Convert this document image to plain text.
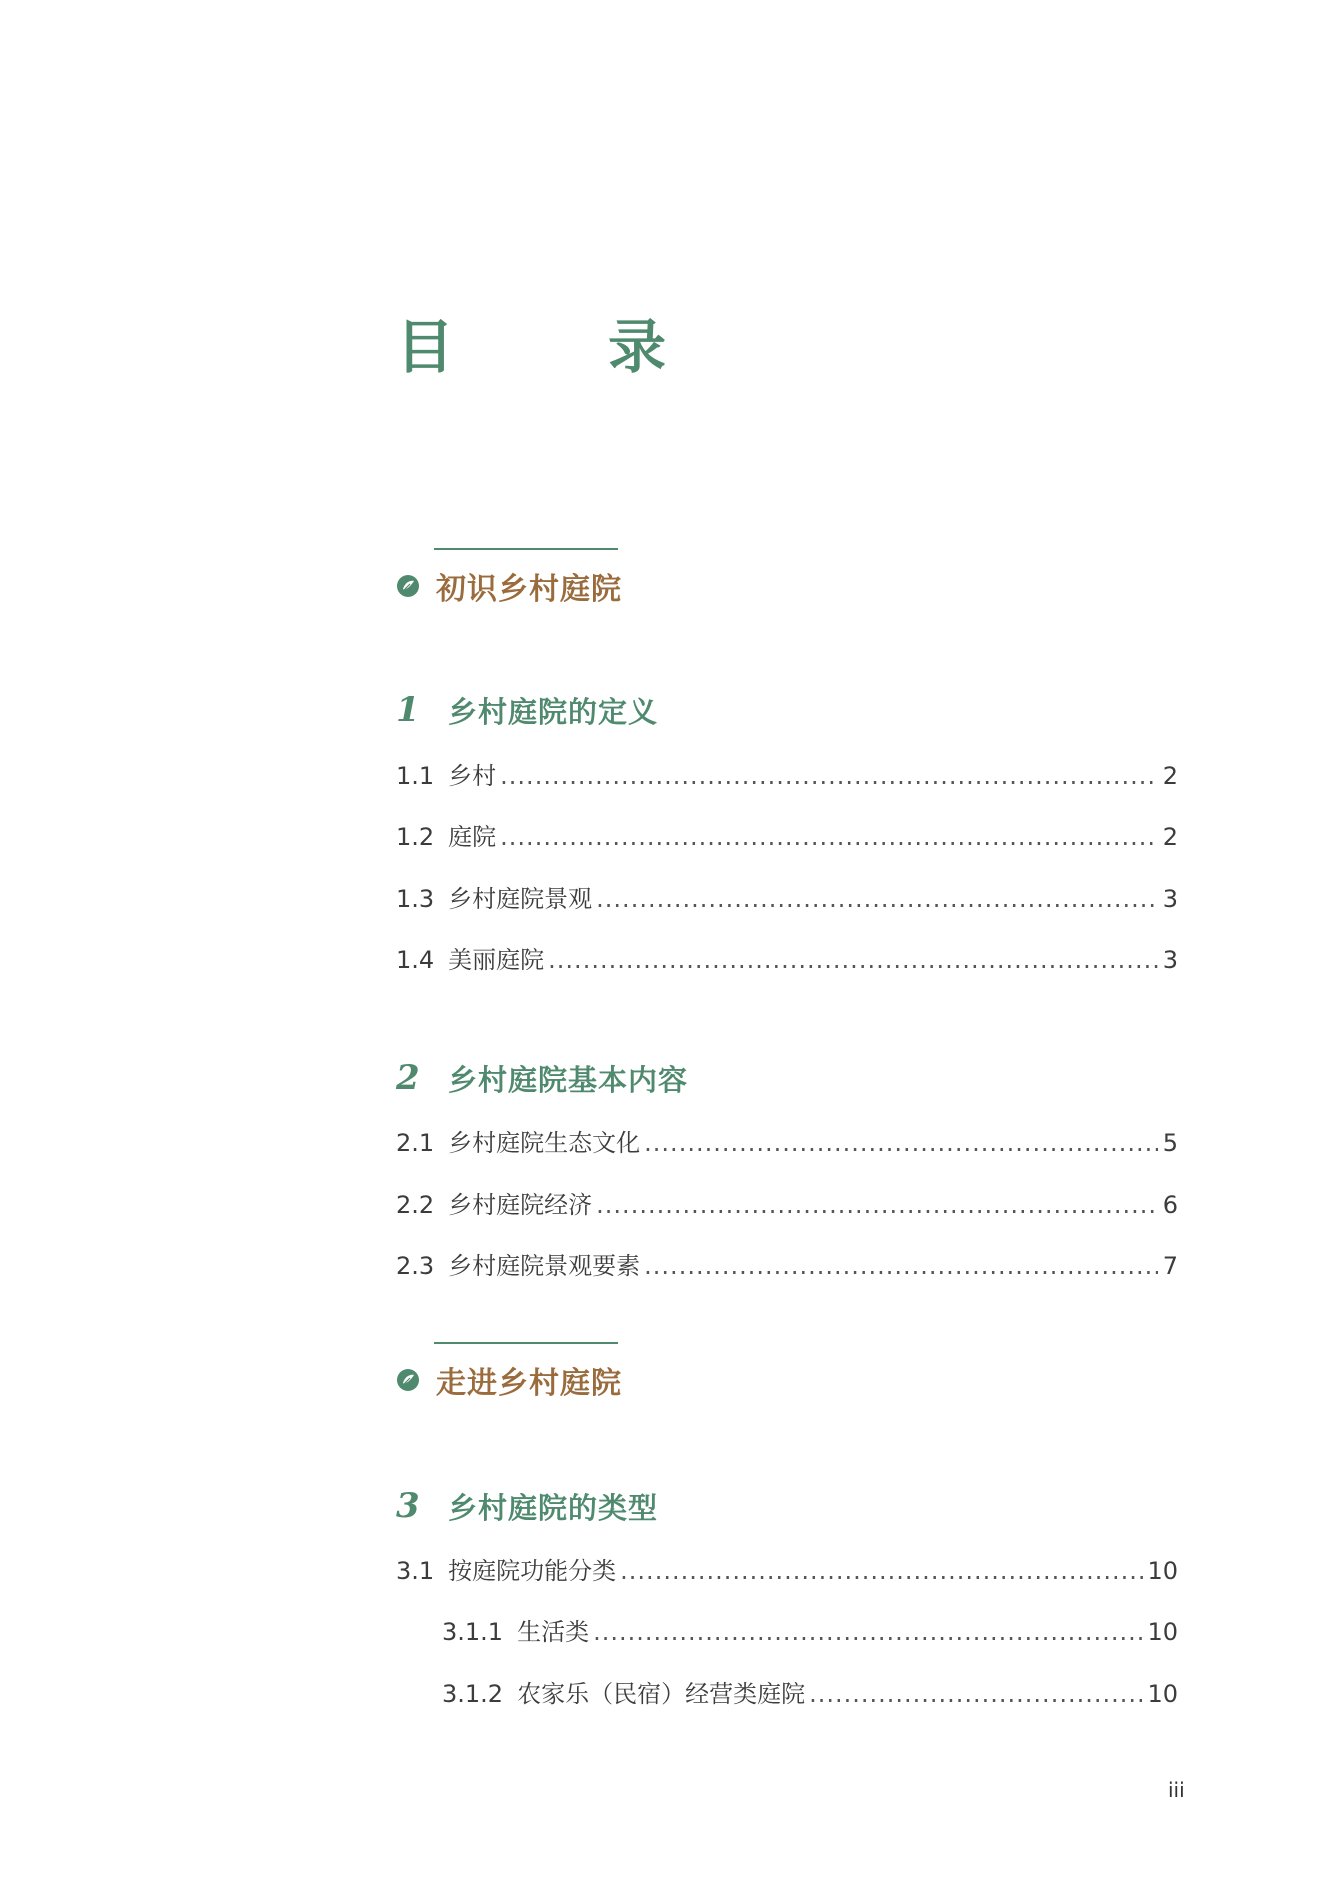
目　录
初识乡村庭院
1 乡村庭院的定义
1.1 乡村 .....	2
1.2 庭院 .....	2
1.3 乡村庭院景观 .....	3
1.4 美丽庭院 .....	3
2 乡村庭院基本内容
2.1 乡村庭院生态文化 .....	5
2.2 乡村庭院经济 .....	6
2.3 乡村庭院景观要素 .....	7
走进乡村庭院
3 乡村庭院的类型
3.1 按庭院功能分类 .....	10
3.1.1 生活类 .....	10
3.1.2 农家乐（民宿）经营类庭院 .....	10
iii
